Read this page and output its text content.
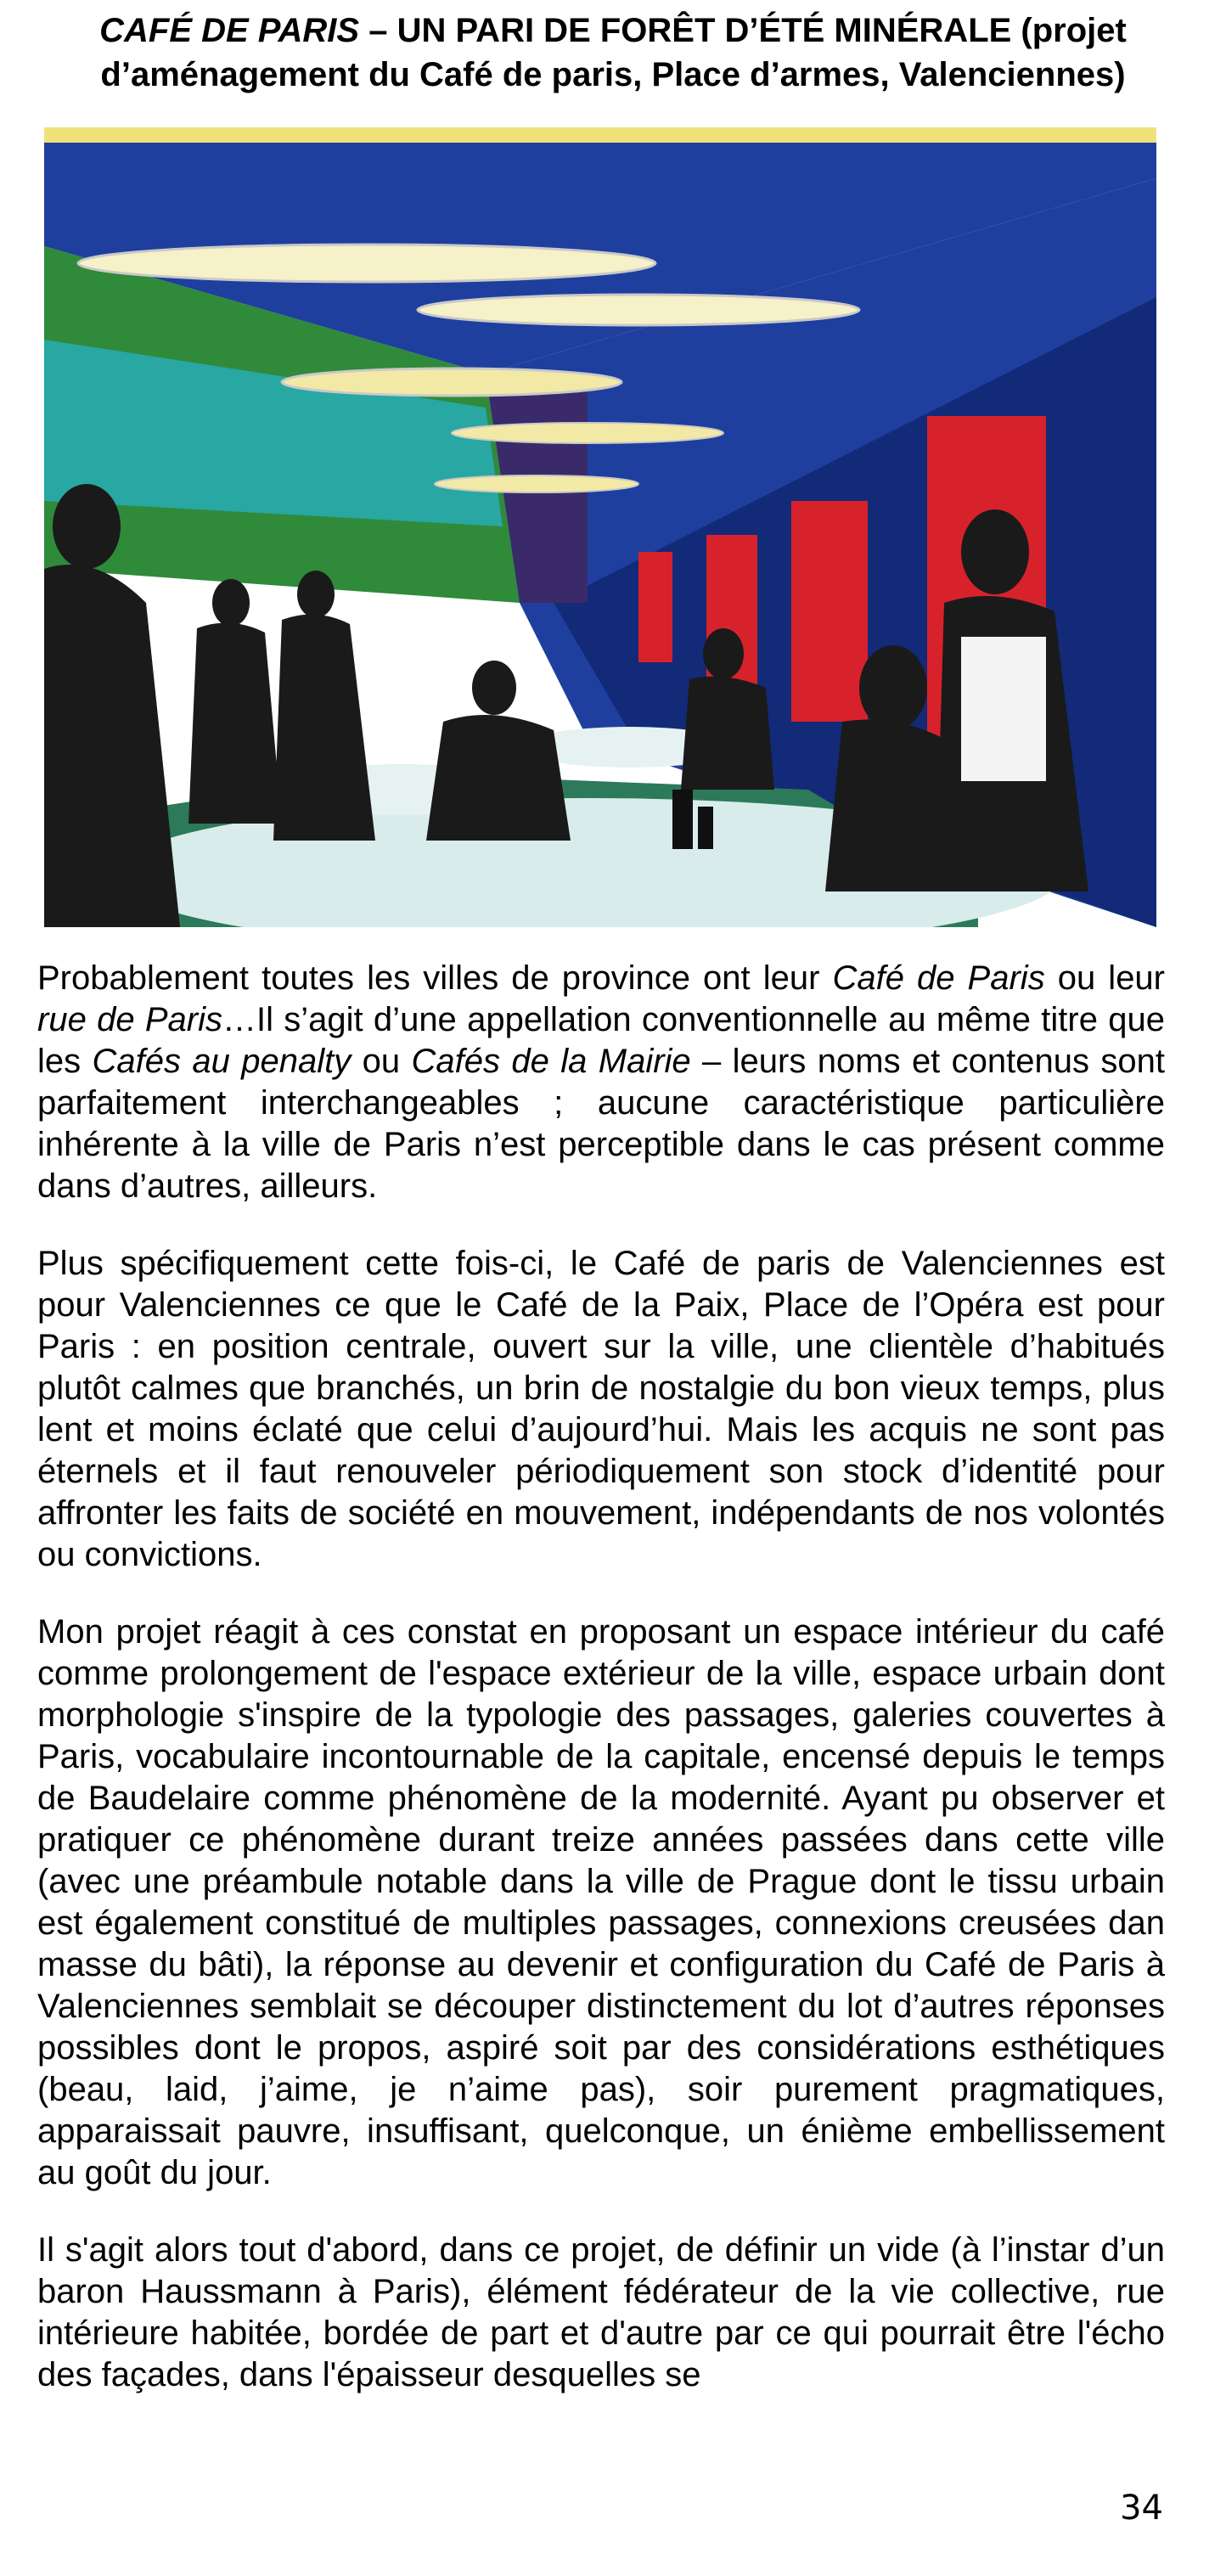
CAFÉ DE PARIS – UN PARI DE FORÊT D’ÉTÉ MINÉRALE (projet d’aménagement du Café de paris, Place d’armes, Valenciennes)

Probablement toutes les villes de province ont leur Café de Paris ou leur rue de Paris…Il s’agit d’une appellation conventionnelle au même titre que les Cafés au penalty ou Cafés de la Mairie – leurs noms et contenus sont parfaitement interchangeables ; aucune caractéristique particulière inhérente à la ville de Paris n’est perceptible dans le cas présent comme dans d’autres, ailleurs.

Plus spécifiquement cette fois-ci, le Café de paris de Valenciennes est pour Valenciennes ce que le Café de la Paix, Place de l’Opéra est pour Paris : en position centrale, ouvert sur la ville, une clientèle d’habitués plutôt calmes que branchés, un brin de nostalgie du bon vieux temps, plus lent et moins éclaté que celui d’aujourd’hui. Mais les acquis ne sont pas éternels et il faut renouveler périodiquement son stock d’identité pour affronter les faits de société en mouvement, indépendants de nos volontés ou convictions.

Mon projet réagit à ces constat en proposant un espace intérieur du café comme prolongement de l'espace extérieur de la ville, espace urbain dont morphologie s'inspire de la typologie des passages, galeries couvertes à Paris, vocabulaire incontournable de la capitale, encensé depuis le temps de Baudelaire comme phénomène de la modernité. Ayant pu observer et pratiquer ce phénomène durant treize années passées dans cette ville (avec une préambule notable dans la ville de Prague dont le tissu urbain est également constitué de multiples passages, connexions creusées dan masse du bâti), la réponse au devenir et configuration du Café de Paris à Valenciennes semblait se découper distinctement du lot d’autres réponses possibles dont le propos, aspiré soit par des considérations esthétiques (beau, laid, j’aime, je n’aime pas), soir purement pragmatiques, apparaissait pauvre, insuffisant, quelconque, un énième embellissement au goût du jour.

Il s'agit alors tout d'abord, dans ce projet, de définir un vide (à l’instar d’un baron Haussmann à Paris), élément fédérateur de la vie collective, rue intérieure habitée, bordée de part et d'autre par ce qui pourrait être l'écho des façades, dans l'épaisseur desquelles se

34
